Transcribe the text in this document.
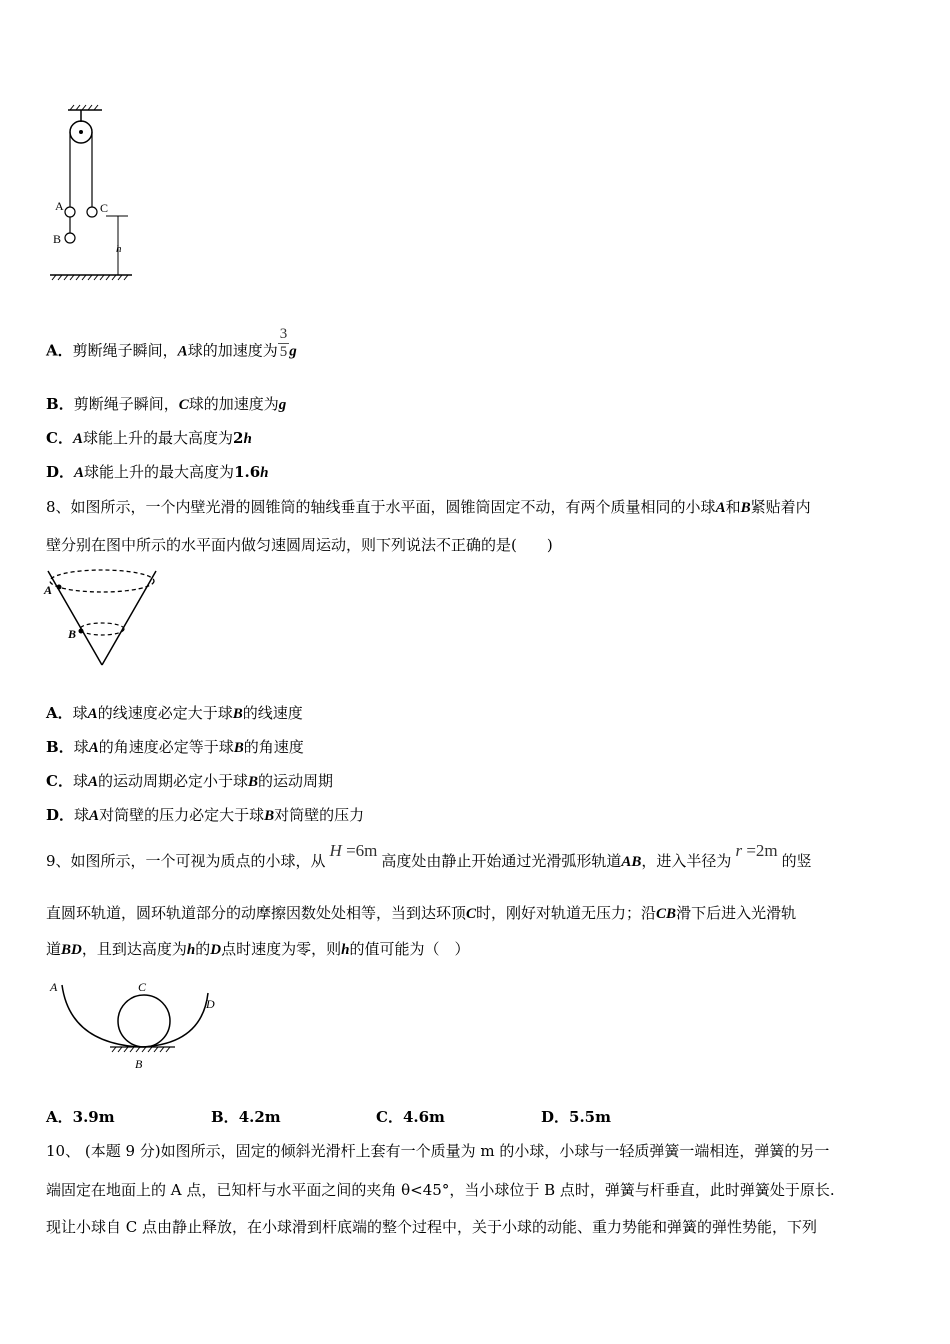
A
B
C
h
A．剪断绳子瞬间，A球的加速度为 $\frac{3}{5}$ g
B．剪断绳子瞬间，C球的加速度为g
C．A球能上升的最大高度为2h
D．A球能上升的最大高度为1.6h
8、如图所示，一个内壁光滑的圆锥筒的轴线垂直于水平面，圆锥筒固定不动，有两个质量相同的小球A和B紧贴着内
壁分别在图中所示的水平面内做匀速圆周运动，则下列说法不正确的是(　　)
A
B
A．球A的线速度必定大于球B的线速度
B．球A的角速度必定等于球B的角速度
C．球A的运动周期必定小于球B的运动周期
D．球A对筒壁的压力必定大于球B对筒壁的压力
9、如图所示，一个可视为质点的小球，从H =6m高度处由静止开始通过光滑弧形轨道AB，进入半径为r =2m的竖
直圆环轨道，圆环轨道部分的动摩擦因数处处相等，当到达环顶C时，刚好对轨道无压力；沿CB滑下后进入光滑轨
道BD，且到达高度为h的D点时速度为零，则h的值可能为（　）
A	C
D
B
A．3.9m	B．4.2m	C．4.6m	D．5.5m
10、 (本题 9 分)如图所示，固定的倾斜光滑杆上套有一个质量为 m 的小球，小球与一轻质弹簧一端相连，弹簧的另一
端固定在地面上的 A 点，已知杆与水平面之间的夹角 θ<45°，当小球位于 B 点时，弹簧与杆垂直，此时弹簧处于原长.
现让小球自 C 点由静止释放，在小球滑到杆底端的整个过程中，关于小球的动能、重力势能和弹簧的弹性势能，下列
